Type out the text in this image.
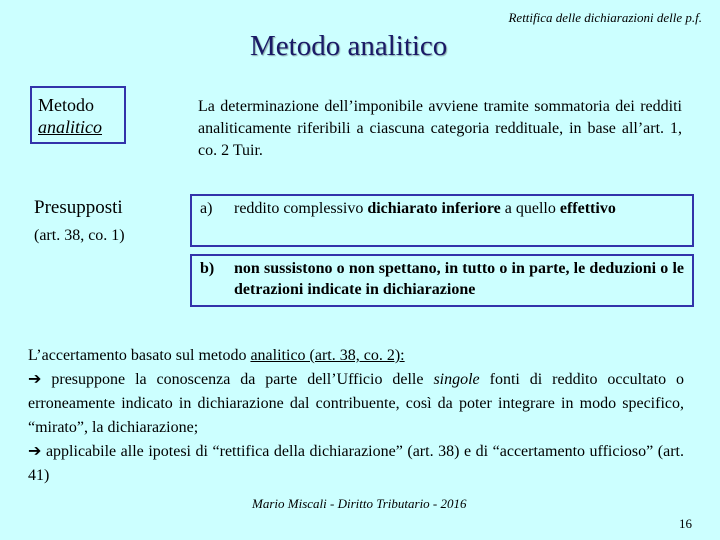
Rettifica delle dichiarazioni delle p.f.
Metodo analitico
Metodo
analitico
La determinazione dell’imponibile avviene tramite sommatoria dei redditi analiticamente riferibili a ciascuna categoria reddituale, in base all’art. 1, co. 2 Tuir.
Presupposti
(art. 38, co. 1)
a)	reddito complessivo dichiarato inferiore a quello effettivo
b)	non sussistono o non spettano, in tutto o in parte, le deduzioni o le detrazioni indicate in dichiarazione
L’accertamento basato sul metodo analitico (art. 38, co. 2):
➔ presuppone la conoscenza da parte dell’Ufficio delle singole fonti di reddito occultato o erroneamente indicato in dichiarazione dal contribuente, così da poter integrare in modo specifico, “mirato”, la dichiarazione;
➔ applicabile alle ipotesi di “rettifica della dichiarazione” (art. 38) e di “accertamento ufficioso” (art. 41)
Mario Miscali - Diritto Tributario - 2016
16
